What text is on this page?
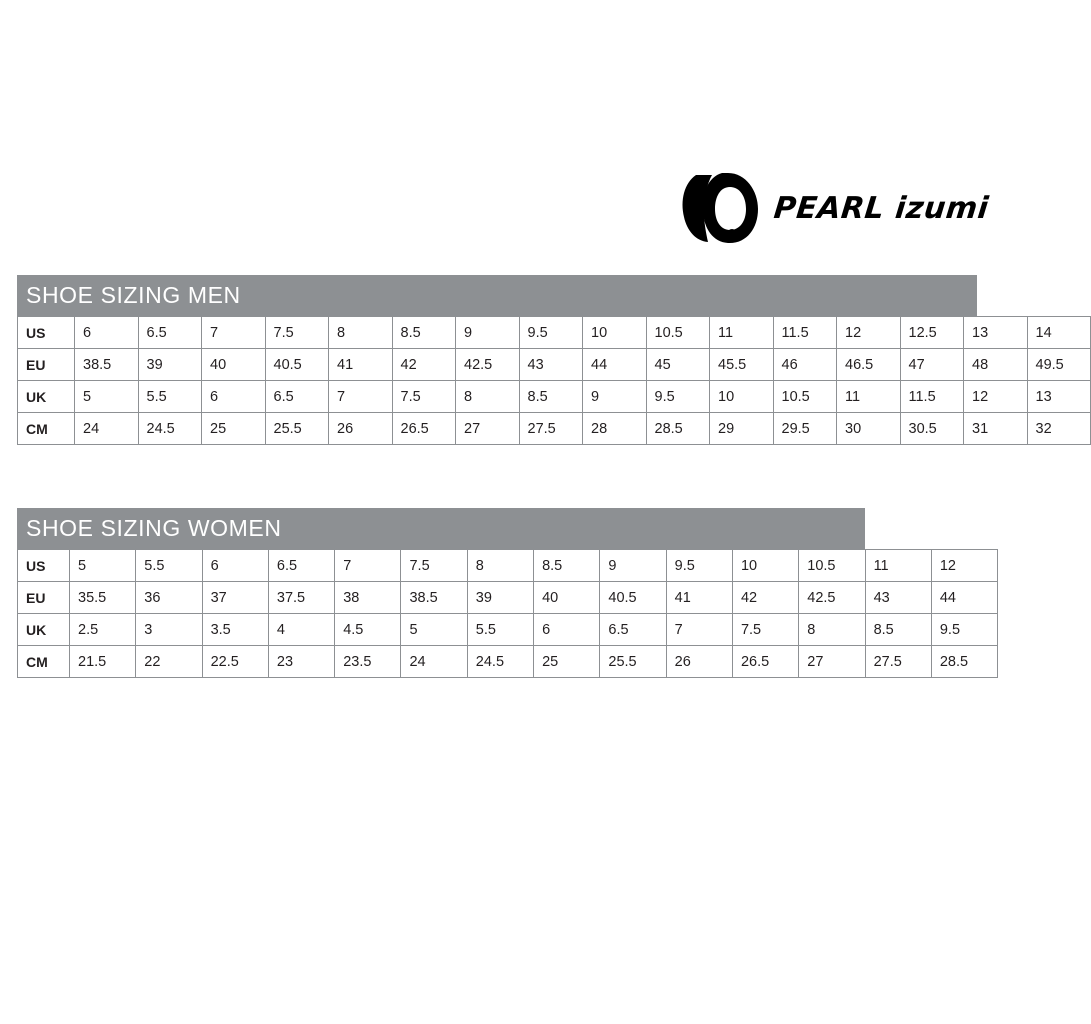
PEARL izumi
SHOE SIZING MEN
US	6	6.5	7	7.5	8	8.5	9	9.5	10	10.5	11	11.5	12	12.5	13	14
EU	38.5	39	40	40.5	41	42	42.5	43	44	45	45.5	46	46.5	47	48	49.5
UK	5	5.5	6	6.5	7	7.5	8	8.5	9	9.5	10	10.5	11	11.5	12	13
CM	24	24.5	25	25.5	26	26.5	27	27.5	28	28.5	29	29.5	30	30.5	31	32
SHOE SIZING WOMEN
US	5	5.5	6	6.5	7	7.5	8	8.5	9	9.5	10	10.5	11	12
EU	35.5	36	37	37.5	38	38.5	39	40	40.5	41	42	42.5	43	44
UK	2.5	3	3.5	4	4.5	5	5.5	6	6.5	7	7.5	8	8.5	9.5
CM	21.5	22	22.5	23	23.5	24	24.5	25	25.5	26	26.5	27	27.5	28.5
